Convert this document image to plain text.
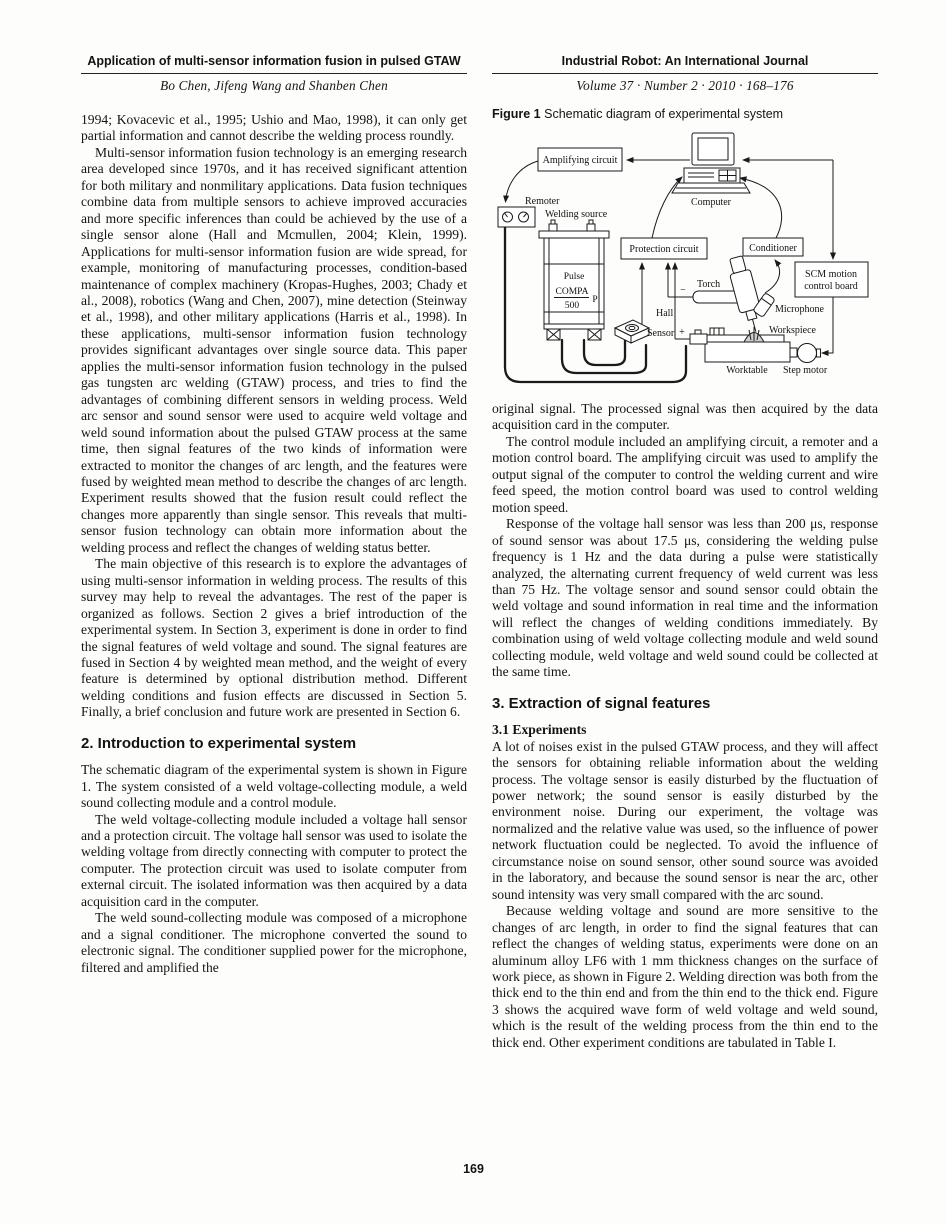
Application of multi-sensor information fusion in pulsed GTAW
Bo Chen, Jifeng Wang and Shanben Chen
Industrial Robot: An International Journal
Volume 37 · Number 2 · 2010 · 168–176

1994; Kovacevic et al., 1995; Ushio and Mao, 1998), it can only get partial information and cannot describe the welding process roundly.

Multi-sensor information fusion technology is an emerging research area developed since 1970s, and it has received significant attention for both military and nonmilitary applications. Data fusion techniques combine data from multiple sensors to achieve improved accuracies and more specific inferences than could be achieved by the use of a single sensor alone (Hall and Mcmullen, 2004; Klein, 1999). Applications for multi-sensor information fusion are wide spread, for example, monitoring of manufacturing processes, condition-based maintenance of complex machinery (Kropas-Hughes, 2003; Chady et al., 2008), robotics (Wang and Chen, 2007), mine detection (Steinway et al., 1998), and other military applications (Harris et al., 1998). In these applications, multi-sensor information fusion technology provides significant advantages over single source data. This paper applies the multi-sensor information fusion technology in the pulsed gas tungsten arc welding (GTAW) process, and tries to find the advantages of combining different sensors in welding process. Weld arc sensor and sound sensor were used to acquire weld voltage and weld sound information about the pulsed GTAW process at the same time, then signal features of the two kinds of information were extracted to monitor the changes of arc length, and the features were fused by weighted mean method to describe the changes of arc length. Experiment results showed that the fusion result could reflect the changes more apparently than single sensor. This reveals that multi-sensor fusion technology can obtain more information about the welding process and reflect the changes of welding status better.

The main objective of this research is to explore the advantages of using multi-sensor information in welding process. The results of this survey may help to reveal the advantages. The rest of the paper is organized as follows. Section 2 gives a brief introduction of the experimental system. In Section 3, experiment is done in order to find the signal features of weld voltage and sound. The signal features are fused in Section 4 by weighted mean method, and the weight of every feature is determined by optional distribution method. Different welding conditions and fusion effects are discussed in Section 5. Finally, a brief conclusion and future work are presented in Section 6.

2. Introduction to experimental system

The schematic diagram of the experimental system is shown in Figure 1. The system consisted of a weld voltage-collecting module, a weld sound collecting module and a control module.

The weld voltage-collecting module included a voltage hall sensor and a protection circuit. The voltage hall sensor was used to isolate the welding voltage from directly connecting with computer to protect the computer. The protection circuit was used to isolate computer from external circuit. The isolated information was then acquired by a data acquisition card in the computer.

The weld sound-collecting module was composed of a microphone and a signal conditioner. The microphone converted the sound to electronic signal. The conditioner supplied power for the microphone, filtered and amplified the

Figure 1 Schematic diagram of experimental system
−
+
Amplifying circuit
Computer
Remoter
Pulse
COMPA
500
P
Welding source
Protection circuit	Conditioner
SCM motion
control board
Hall
Sensor
Torch
Microphone
Workspiece
Worktable Step motor

original signal. The processed signal was then acquired by the data acquisition card in the computer.

The control module included an amplifying circuit, a remoter and a motion control board. The amplifying circuit was used to amplify the output signal of the computer to control the welding current and wire feed speed, the motion control board was used to control welding motion speed.

Response of the voltage hall sensor was less than 200 μs, response of sound sensor was about 17.5 μs, considering the welding pulse frequency is 1 Hz and the data during a pulse were statistically analyzed, the alternating current frequency of weld current was less than 75 Hz. The voltage sensor and sound sensor could obtain the weld voltage and sound information in real time and the information will reflect the changes of welding conditions immediately. By combination using of weld voltage collecting module and weld sound collecting module, weld voltage and weld sound could be collected at the same time.

3. Extraction of signal features
3.1 Experiments

A lot of noises exist in the pulsed GTAW process, and they will affect the sensors for obtaining reliable information about the welding process. The voltage sensor is easily disturbed by the fluctuation of power network; the sound sensor is easily disturbed by the environment noise. During our experiment, the voltage was normalized and the relative value was used, so the influence of power network fluctuation could be neglected. To avoid the influence of circumstance noise on sound sensor, other sound source was avoided in the laboratory, and because the sound sensor is near the arc, other sound intensity was very small compared with the arc sound.

Because welding voltage and sound are more sensitive to the changes of arc length, in order to find the signal features that can reflect the changes of welding status, experiments were done on an aluminum alloy LF6 with 1 mm thickness changes on the surface of work piece, as shown in Figure 2. Welding direction was both from the thick end to the thin end and from the thin end to the thick end. Figure 3 shows the acquired wave form of weld voltage and weld sound, which is the result of the welding process from the thin end to the thick end. Other experiment conditions are tabulated in Table I.

169
